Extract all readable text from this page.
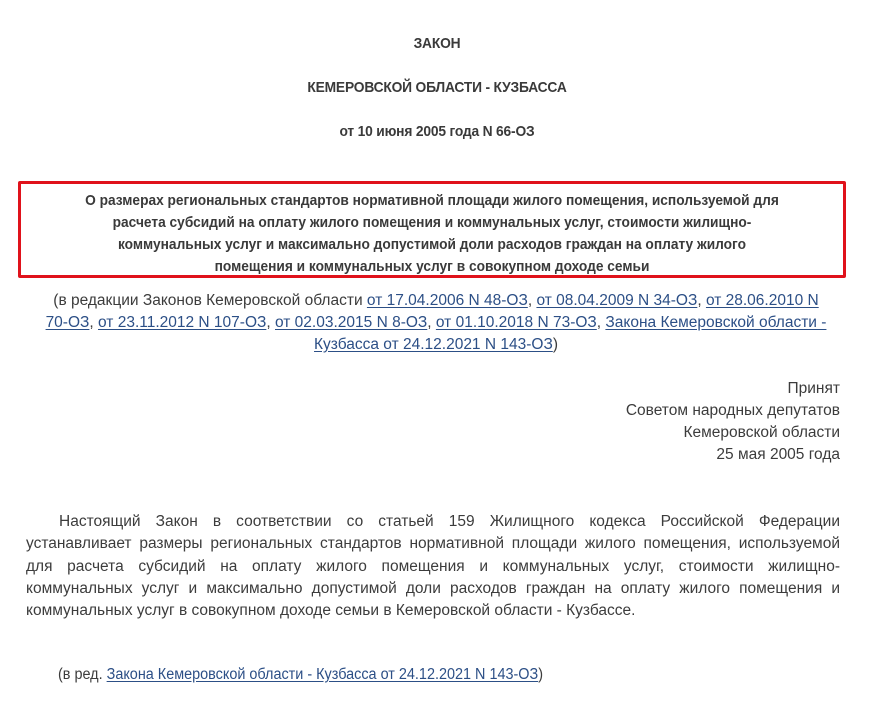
ЗАКОН
КЕМЕРОВСКОЙ ОБЛАСТИ - КУЗБАССА
от 10 июня 2005 года N 66-ОЗ
О размерах региональных стандартов нормативной площади жилого помещения, используемой для
расчета субсидий на оплату жилого помещения и коммунальных услуг, стоимости жилищно-
коммунальных услуг и максимально допустимой доли расходов граждан на оплату жилого
помещения и коммунальных услуг в совокупном доходе семьи
(в редакции Законов Кемеровской области от 17.04.2006 N 48-ОЗ, от 08.04.2009 N 34-ОЗ, от 28.06.2010 N
70-ОЗ, от 23.11.2012 N 107-ОЗ, от 02.03.2015 N 8-ОЗ, от 01.10.2018 N 73-ОЗ, Закона Кемеровской области -
Кузбасса от 24.12.2021 N 143-ОЗ)
Принят
Советом народных депутатов
Кемеровской области
25 мая 2005 года
Настоящий Закон в соответствии со статьей 159 Жилищного кодекса Российской Федерации
устанавливает размеры региональных стандартов нормативной площади жилого помещения, используемой
для расчета субсидий на оплату жилого помещения и коммунальных услуг, стоимости жилищно-
коммунальных услуг и максимально допустимой доли расходов граждан на оплату жилого помещения и
коммунальных услуг в совокупном доходе семьи в Кемеровской области - Кузбассе.
(в ред. Закона Кемеровской области - Кузбасса от 24.12.2021 N 143-ОЗ)
